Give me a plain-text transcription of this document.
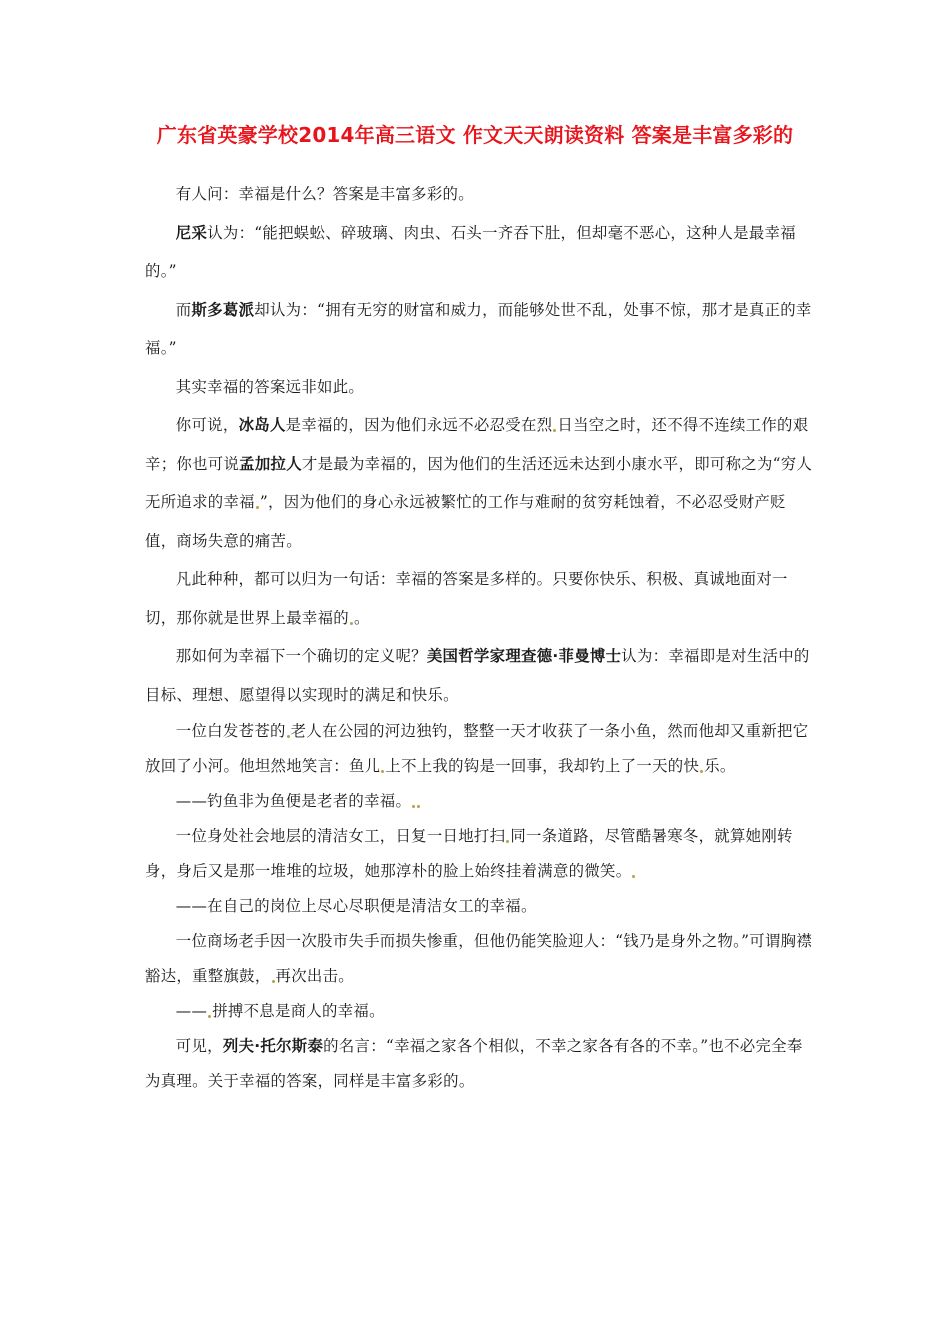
广东省英豪学校2014年高三语文 作文天天朗读资料 答案是丰富多彩的

有人问：幸福是什么？答案是丰富多彩的。

尼采认为：“能把蜈蚣、碎玻璃、肉虫、石头一齐吞下肚，但却毫不恶心，这种人是最幸福的。”

而斯多葛派却认为：“拥有无穷的财富和威力，而能够处世不乱，处事不惊，那才是真正的幸福。”

其实幸福的答案远非如此。

你可说，冰岛人是幸福的，因为他们永远不必忍受在烈 日当空之时，还不得不连续工作的艰辛；你也可说孟加拉人才是最为幸福的，因为他们的生活还远未达到小康水平，即可称之为“穷人无所追求的幸福 ”，因为他们的身心永远被繁忙的工作与难耐的贫穷耗蚀着，不必忍受财产贬值，商场失意的痛苦。

凡此种种，都可以归为一句话：幸福的答案是多样的。只要你快乐、积极、真诚地面对一切，那你就是世界上最幸福的 。

那如何为幸福下一个确切的定义呢？美国哲学家理查德·菲曼博士认为：幸福即是对生活中的目标、理想、愿望得以实现时的满足和快乐。

一位白发苍苍的 老人在公园的河边独钓，整整一天才收获了一条小鱼，然而他却又重新把它放回了小河。他坦然地笑言：鱼儿 上不上我的钩是一回事，我却钓上了一天的快 乐。

——钓鱼非为鱼便是老者的幸福。

一位身处社会地层的清洁女工，日复一日地打扫 同一条道路，尽管酷暑寒冬，就算她刚转身，身后又是那一堆堆的垃圾，她那淳朴的脸上始终挂着满意的微笑。

——在自己的岗位上尽心尽职便是清洁女工的幸福。

一位商场老手因一次股市失手而损失惨重，但他仍能笑脸迎人：“钱乃是身外之物。”可谓胸襟豁达，重整旗鼓， 再次出击。

—— 拼搏不息是商人的幸福。

可见，列夫·托尔斯泰的名言：“幸福之家各个相似，不幸之家各有各的不幸。”也不必完全奉为真理。关于幸福的答案，同样是丰富多彩的。
